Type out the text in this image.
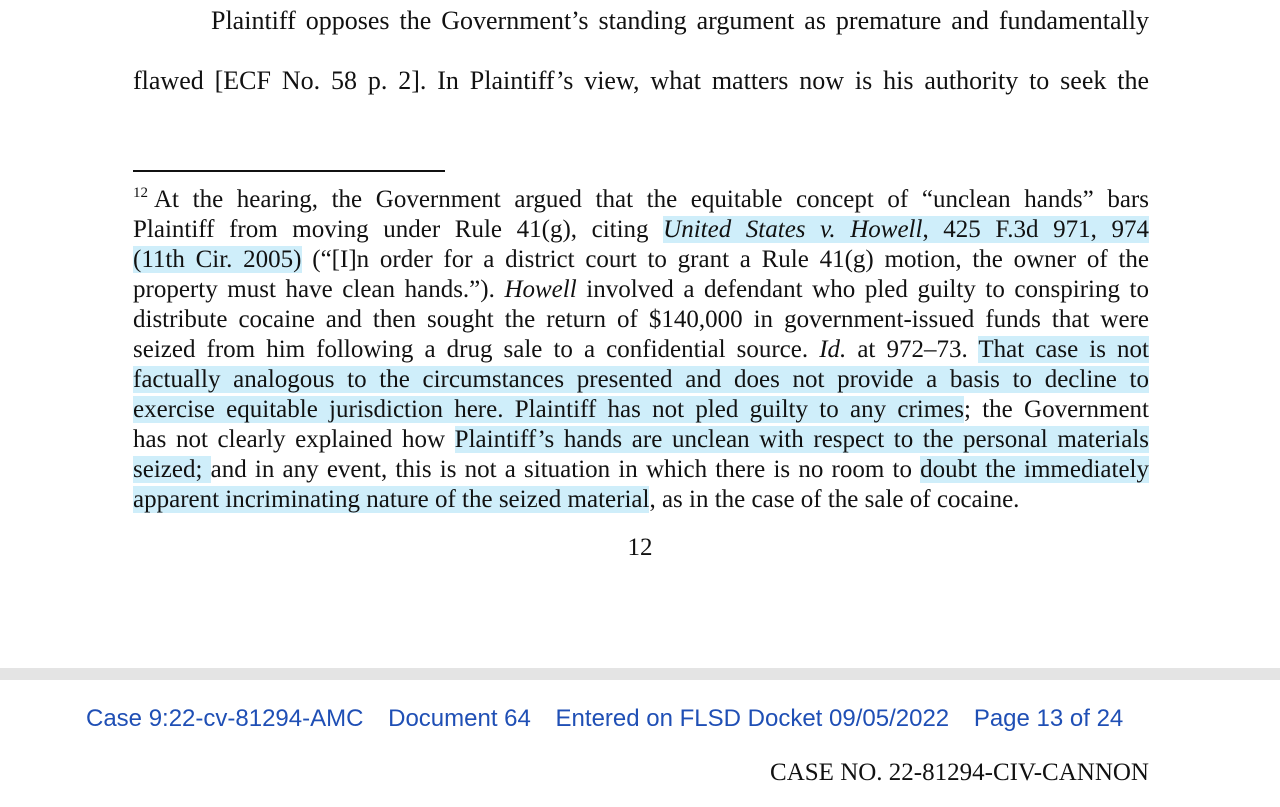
Plaintiff opposes the Government’s standing argument as premature and fundamentally
flawed [ECF No. 58 p. 2]. In Plaintiff’s view, what matters now is his authority to seek the
$^{12}$ At the hearing, the Government argued that the equitable concept of “unclean hands” bars
Plaintiff from moving under Rule 41(g), citing United States v. Howell, 425 F.3d 971, 974
(11th Cir. 2005) (“[I]n order for a district court to grant a Rule 41(g) motion, the owner of the
property must have clean hands.”). Howell involved a defendant who pled guilty to conspiring to
distribute cocaine and then sought the return of $140,000 in government-issued funds that were
seized from him following a drug sale to a confidential source. Id. at 972–73. That case is not
factually analogous to the circumstances presented and does not provide a basis to decline to
exercise equitable jurisdiction here. Plaintiff has not pled guilty to any crimes; the Government
has not clearly explained how Plaintiff’s hands are unclean with respect to the personal materials
seized; and in any event, this is not a situation in which there is no room to doubt the immediately
apparent incriminating nature of the seized material, as in the case of the sale of cocaine.
12
Case 9:22-cv-81294-AMC Document 64 Entered on FLSD Docket 09/05/2022 Page 13 of 24
CASE NO. 22-81294-CIV-CANNON
